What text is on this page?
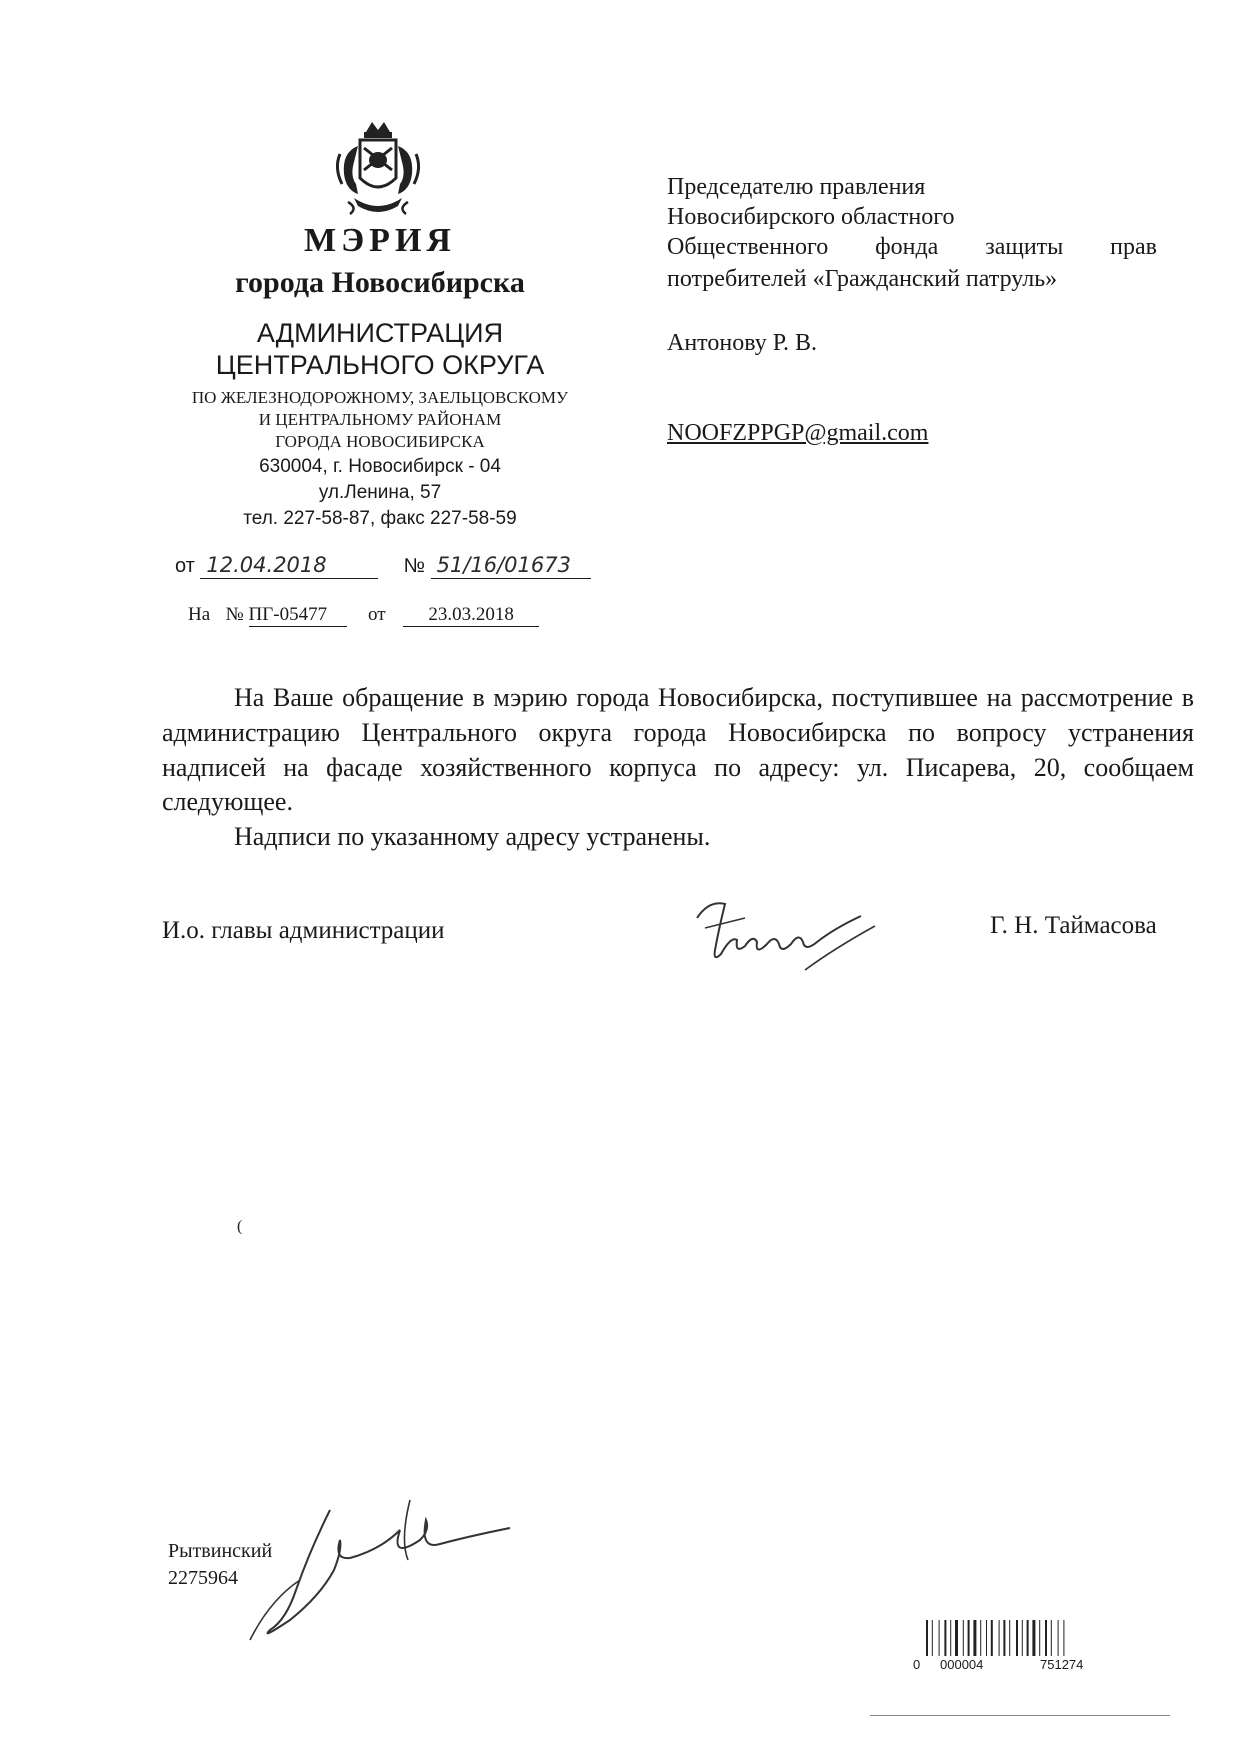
МЭРИЯ
города Новосибирска
АДМИНИСТРАЦИЯ
ЦЕНТРАЛЬНОГО ОКРУГА
ПО ЖЕЛЕЗНОДОРОЖНОМУ, ЗАЕЛЬЦОВСКОМУ
И ЦЕНТРАЛЬНОМУ РАЙОНАМ
ГОРОДА НОВОСИБИРСКА
630004, г. Новосибирск - 04
ул.Ленина, 57
тел. 227-58-87, факс 227-58-59
от 12.04.2018	№ 51/16/01673
На № ПГ-05477 от 23.03.2018
Председателю правления
Новосибирского областного
Общественного фонда защиты прав
потребителей «Гражданский патруль»
Антонову Р. В.
NOOFZPPGP@gmail.com

На Ваше обращение в мэрию города Новосибирска, поступившее на рассмотрение в администрацию Центрального округа города Новосибирска по вопросу устранения надписей на фасаде хозяйственного корпуса по адресу: ул. Писарева, 20, сообщаем следующее.

Надписи по указанному адресу устранены.

И.о. главы администрации	Г. Н. Таймасова
(
Рытвинский
2275964
0 000004	751274
